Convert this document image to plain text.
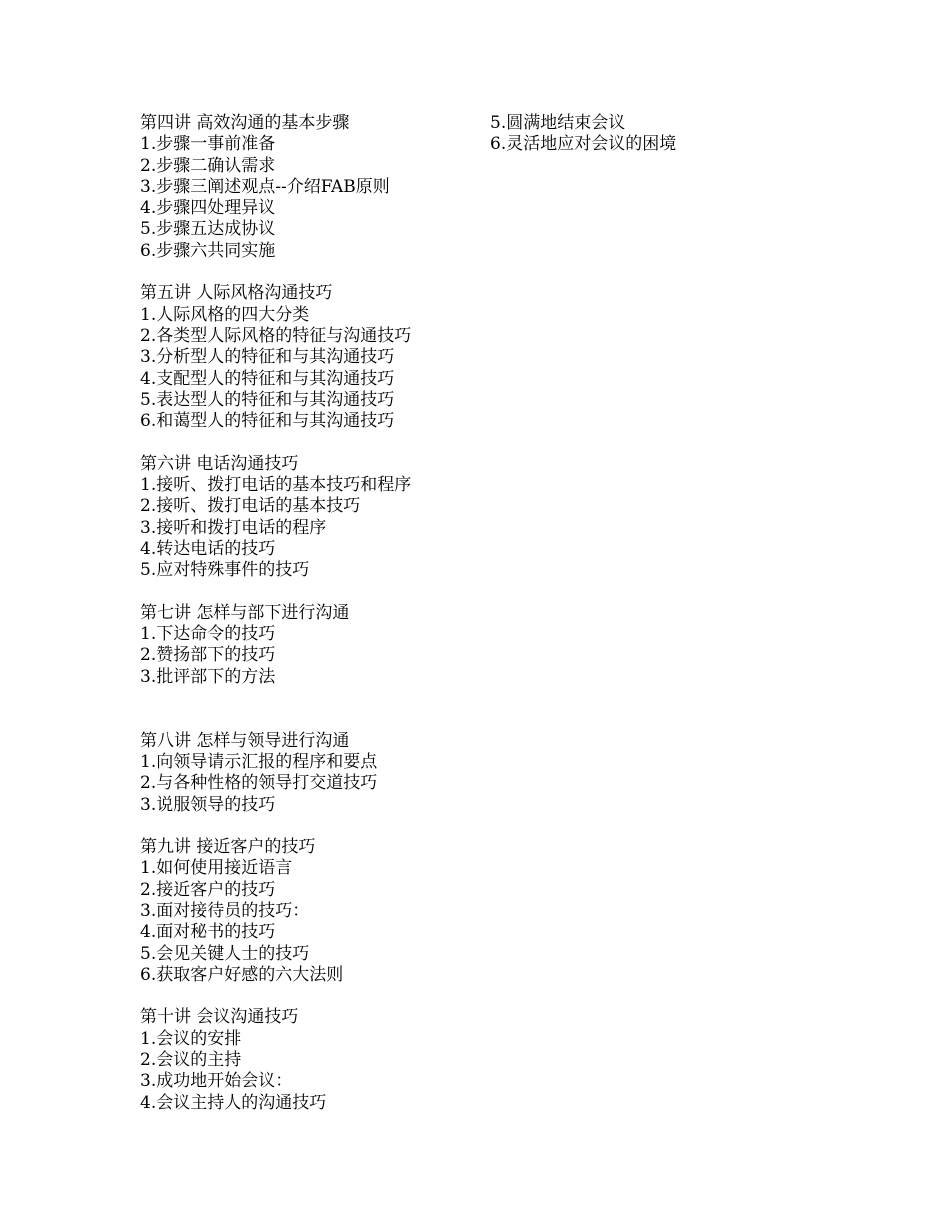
第四讲 高效沟通的基本步骤
1.步骤一事前准备
2.步骤二确认需求
3.步骤三阐述观点--介绍FAB原则
4.步骤四处理异议
5.步骤五达成协议
6.步骤六共同实施
第五讲 人际风格沟通技巧
1.人际风格的四大分类
2.各类型人际风格的特征与沟通技巧
3.分析型人的特征和与其沟通技巧
4.支配型人的特征和与其沟通技巧
5.表达型人的特征和与其沟通技巧
6.和蔼型人的特征和与其沟通技巧
第六讲 电话沟通技巧
1.接听、拨打电话的基本技巧和程序
2.接听、拨打电话的基本技巧
3.接听和拨打电话的程序
4.转达电话的技巧
5.应对特殊事件的技巧
第七讲 怎样与部下进行沟通
1.下达命令的技巧
2.赞扬部下的技巧
3.批评部下的方法
第八讲 怎样与领导进行沟通
1.向领导请示汇报的程序和要点
2.与各种性格的领导打交道技巧
3.说服领导的技巧
第九讲 接近客户的技巧
1.如何使用接近语言
2.接近客户的技巧
3.面对接待员的技巧：
4.面对秘书的技巧
5.会见关键人士的技巧
6.获取客户好感的六大法则
第十讲 会议沟通技巧
1.会议的安排
2.会议的主持
3.成功地开始会议：
4.会议主持人的沟通技巧
5.圆满地结束会议
6.灵活地应对会议的困境
